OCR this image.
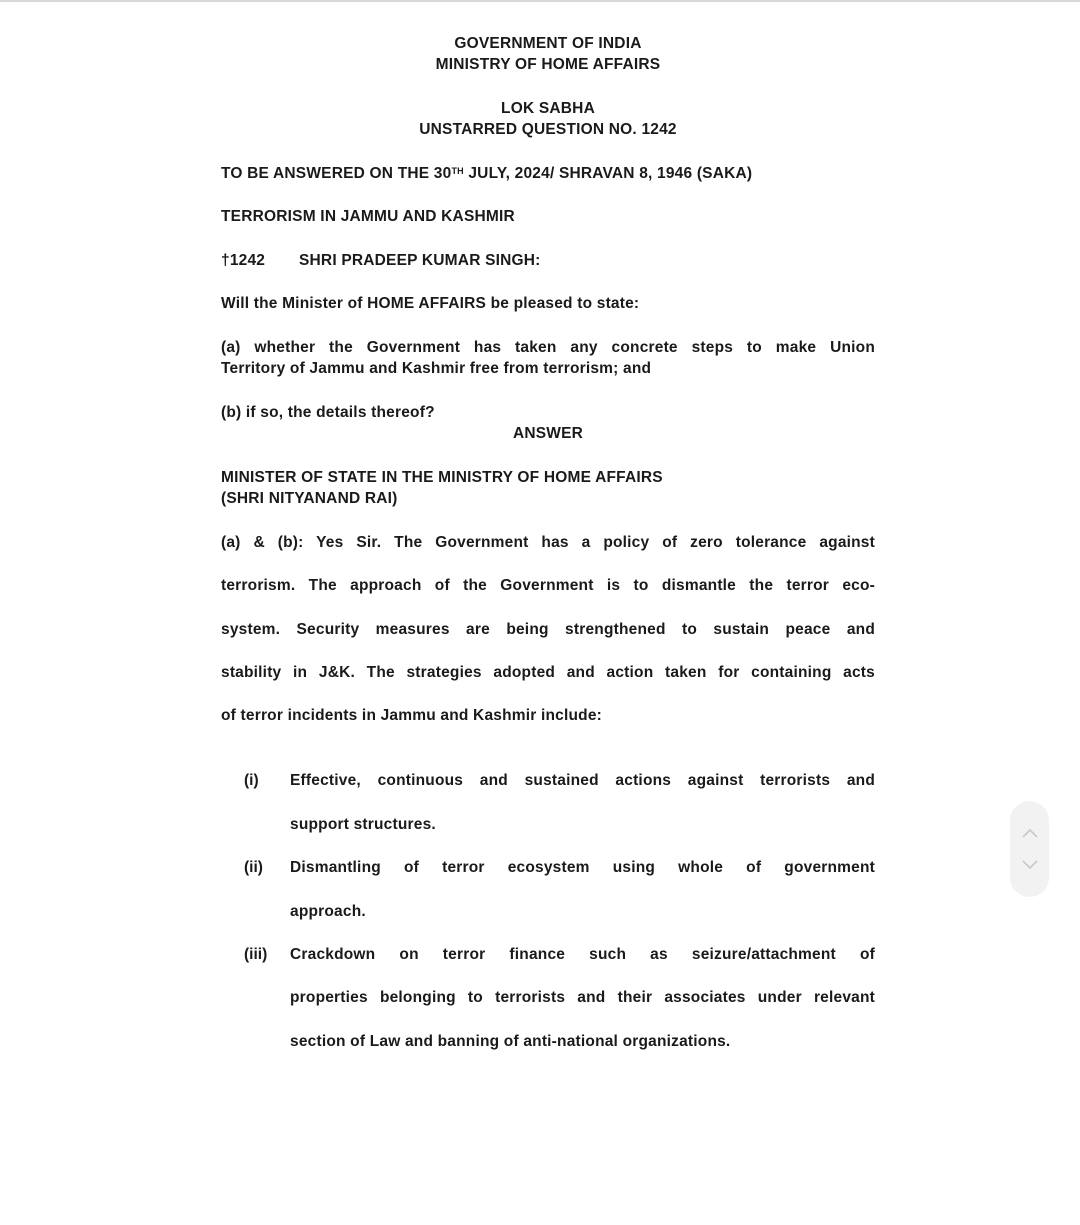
GOVERNMENT OF INDIA
MINISTRY OF HOME AFFAIRS
LOK SABHA
UNSTARRED QUESTION NO. 1242
TO BE ANSWERED ON THE 30TH JULY, 2024/ SHRAVAN 8, 1946 (SAKA)
TERRORISM IN JAMMU AND KASHMIR
†1242 SHRI PRADEEP KUMAR SINGH:
Will the Minister of HOME AFFAIRS be pleased to state:
(a) whether the Government has taken any concrete steps to make Union
Territory of Jammu and Kashmir free from terrorism; and
(b) if so, the details thereof?
ANSWER
MINISTER OF STATE IN THE MINISTRY OF HOME AFFAIRS
(SHRI NITYANAND RAI)
(a) & (b): Yes Sir. The Government has a policy of zero tolerance against
terrorism. The approach of the Government is to dismantle the terror eco-
system. Security measures are being strengthened to sustain peace and
stability in J&K. The strategies adopted and action taken for containing acts
of terror incidents in Jammu and Kashmir include:
(i) Effective, continuous and sustained actions against terrorists and
support structures.
(ii) Dismantling of terror ecosystem using whole of government
approach.
(iii) Crackdown on terror finance such as seizure/attachment of
properties belonging to terrorists and their associates under relevant
section of Law and banning of anti-national organizations.
